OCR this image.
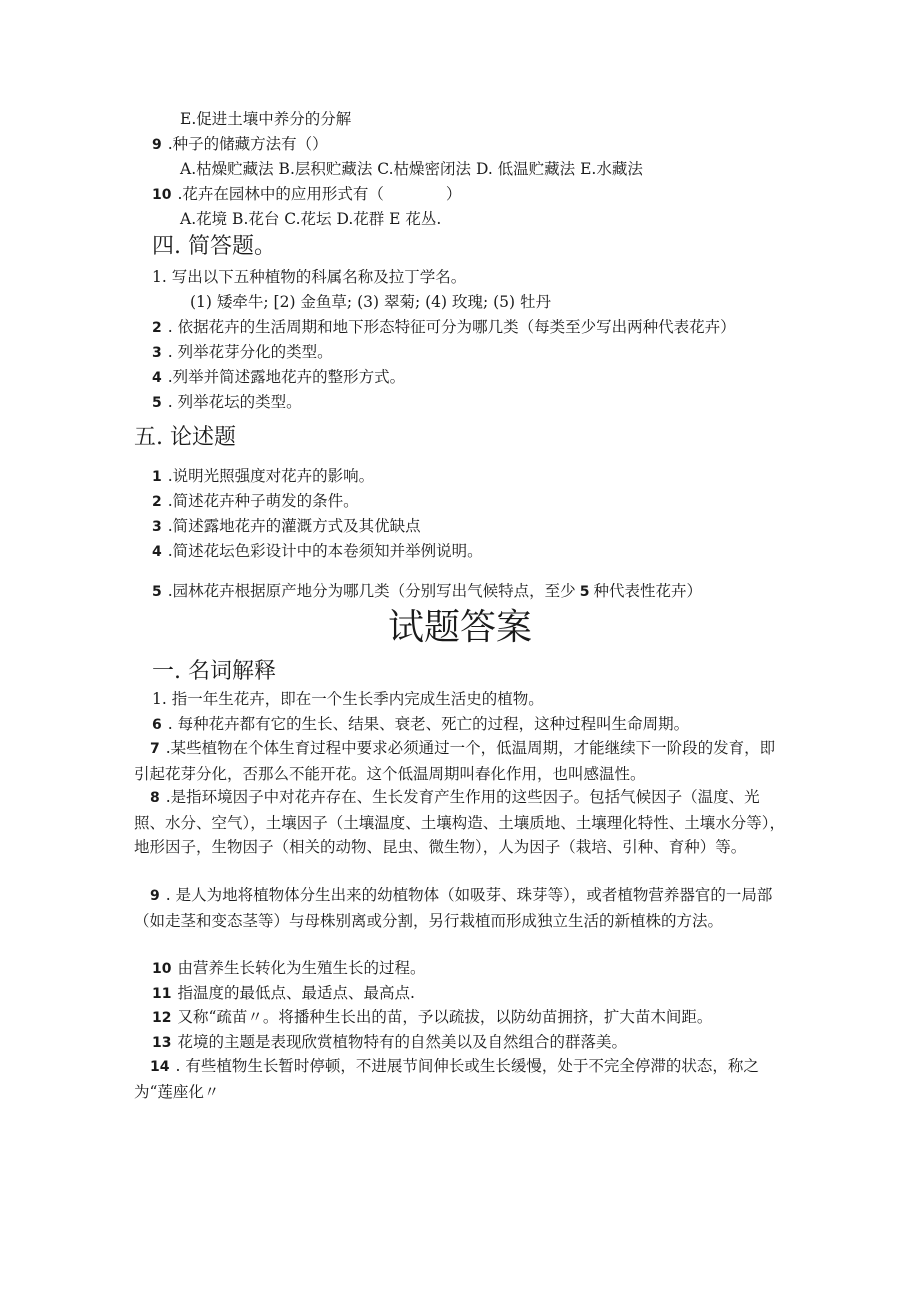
E.促进土壤中养分的分解
9 .种子的储藏方法有（）
A.枯燥贮藏法 B.层积贮藏法 C.枯燥密闭法 D. 低温贮藏法 E.水藏法
10 .花卉在园林中的应用形式有（　　　　）
A.花境 B.花台 C.花坛 D.花群 E 花丛.
四. 简答题。
1. 写出以下五种植物的科属名称及拉丁学名。
(1) 矮牵牛; [2) 金鱼草; (3) 翠菊; (4) 玫瑰; (5) 牡丹
2 . 依据花卉的生活周期和地下形态特征可分为哪几类（每类至少写出两种代表花卉）
3 . 列举花芽分化的类型。
4 .列举并简述露地花卉的整形方式。
5 . 列举花坛的类型。
五. 论述题
1 .说明光照强度对花卉的影响。
2 .简述花卉种子萌发的条件。
3 .简述露地花卉的灌溉方式及其优缺点
4 .简述花坛色彩设计中的本卷须知并举例说明。
5 .园林花卉根据原产地分为哪几类（分别写出气候特点，至少 5 种代表性花卉）
试题答案
一. 名词解释
1. 指一年生花卉，即在一个生长季内完成生活史的植物。
6 . 每种花卉都有它的生长、结果、衰老、死亡的过程，这种过程叫生命周期。
7 .某些植物在个体生育过程中要求必须通过一个，低温周期，才能继续下一阶段的发育，即引起花芽分化，否那么不能开花。这个低温周期叫春化作用，也叫感温性。
8 .是指环境因子中对花卉存在、生长发育产生作用的这些因子。包括气候因子（温度、光照、水分、空气），土壤因子（土壤温度、土壤构造、土壤质地、土壤理化特性、土壤水分等），地形因子，生物因子（相关的动物、昆虫、微生物），人为因子（栽培、引种、育种）等。
9 . 是人为地将植物体分生出来的幼植物体（如吸芽、珠芽等），或者植物营养器官的一局部（如走茎和变态茎等）与母株别离或分割，另行栽植而形成独立生活的新植株的方法。
10 由营养生长转化为生殖生长的过程。
11 指温度的最低点、最适点、最高点.
12 又称“疏苗〃。将播种生长出的苗，予以疏拔，以防幼苗拥挤，扩大苗木间距。
13 花境的主题是表现欣赏植物特有的自然美以及自然组合的群落美。
14 . 有些植物生长暂时停顿，不进展节间伸长或生长缓慢，处于不完全停滞的状态，称之为“莲座化〃
